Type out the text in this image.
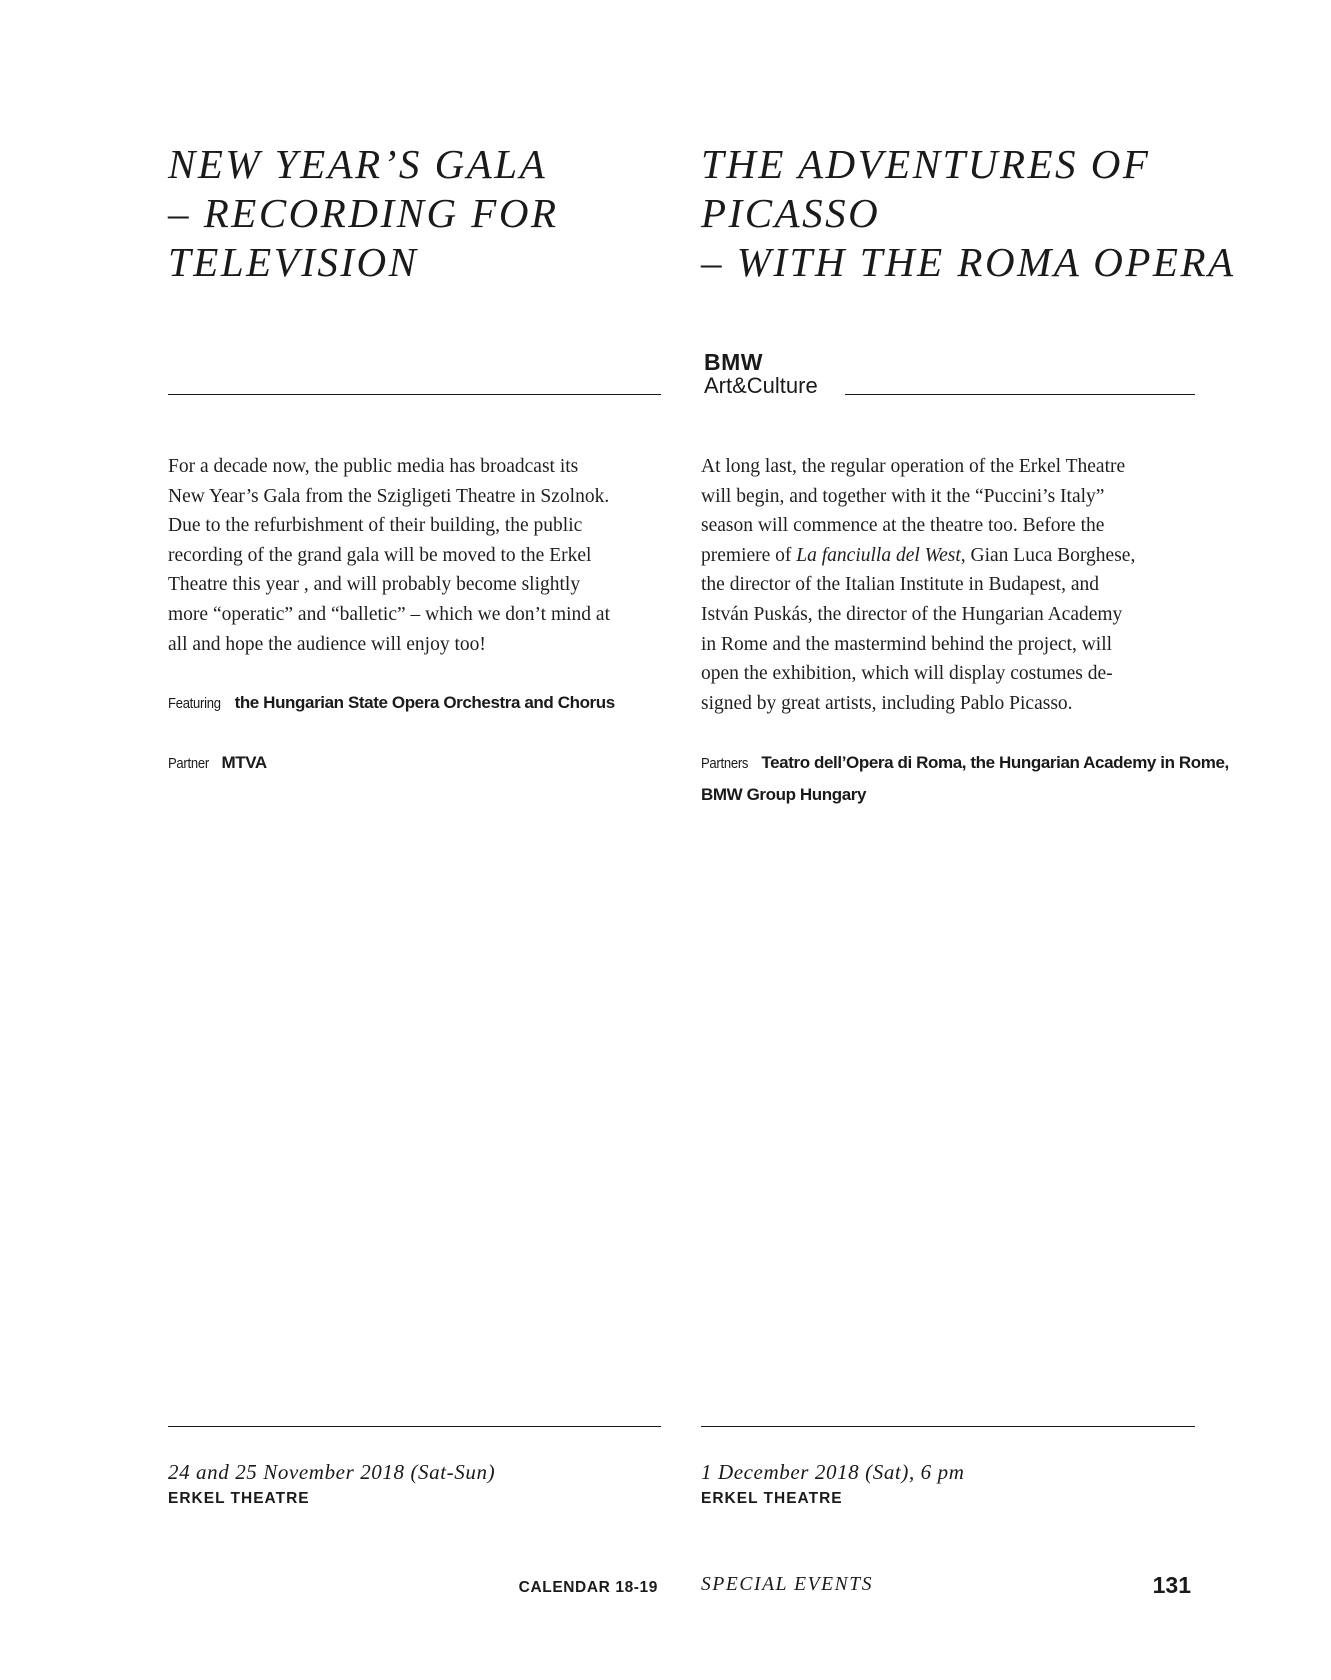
NEW YEAR’S GALA
– RECORDING FOR
TELEVISION
For a decade now, the public media has broadcast its
New Year’s Gala from the Szigligeti Theatre in Szolnok.
Due to the refurbishment of their building, the public
recording of the grand gala will be moved to the Erkel
Theatre this year , and will probably become slightly
more “operatic” and “balletic” – which we don’t mind at
all and hope the audience will enjoy too!

Featuring the Hungarian State Opera Orchestra and Chorus

Partner MTVA

24 and 25 November 2018 (Sat-Sun)

ERKEL THEATRE

THE ADVENTURES OF
PICASSO
– WITH THE ROMA OPERA
BMW
Art&Culture
At long last, the regular operation of the Erkel Theatre
will begin, and together with it the “Puccini’s Italy”
season will commence at the theatre too. Before the
premiere of La fanciulla del West, Gian Luca Borghese,
the director of the Italian Institute in Budapest, and
István Puskás, the director of the Hungarian Academy
in Rome and the mastermind behind the project, will
open the exhibition, which will display costumes de-
signed by great artists, including Pablo Picasso.

Partners Teatro dell’Opera di Roma, the Hungarian Academy in Rome,
BMW Group Hungary

1 December 2018 (Sat), 6 pm

ERKEL THEATRE

CALENDAR 18-19 SPECIAL EVENTS	131
